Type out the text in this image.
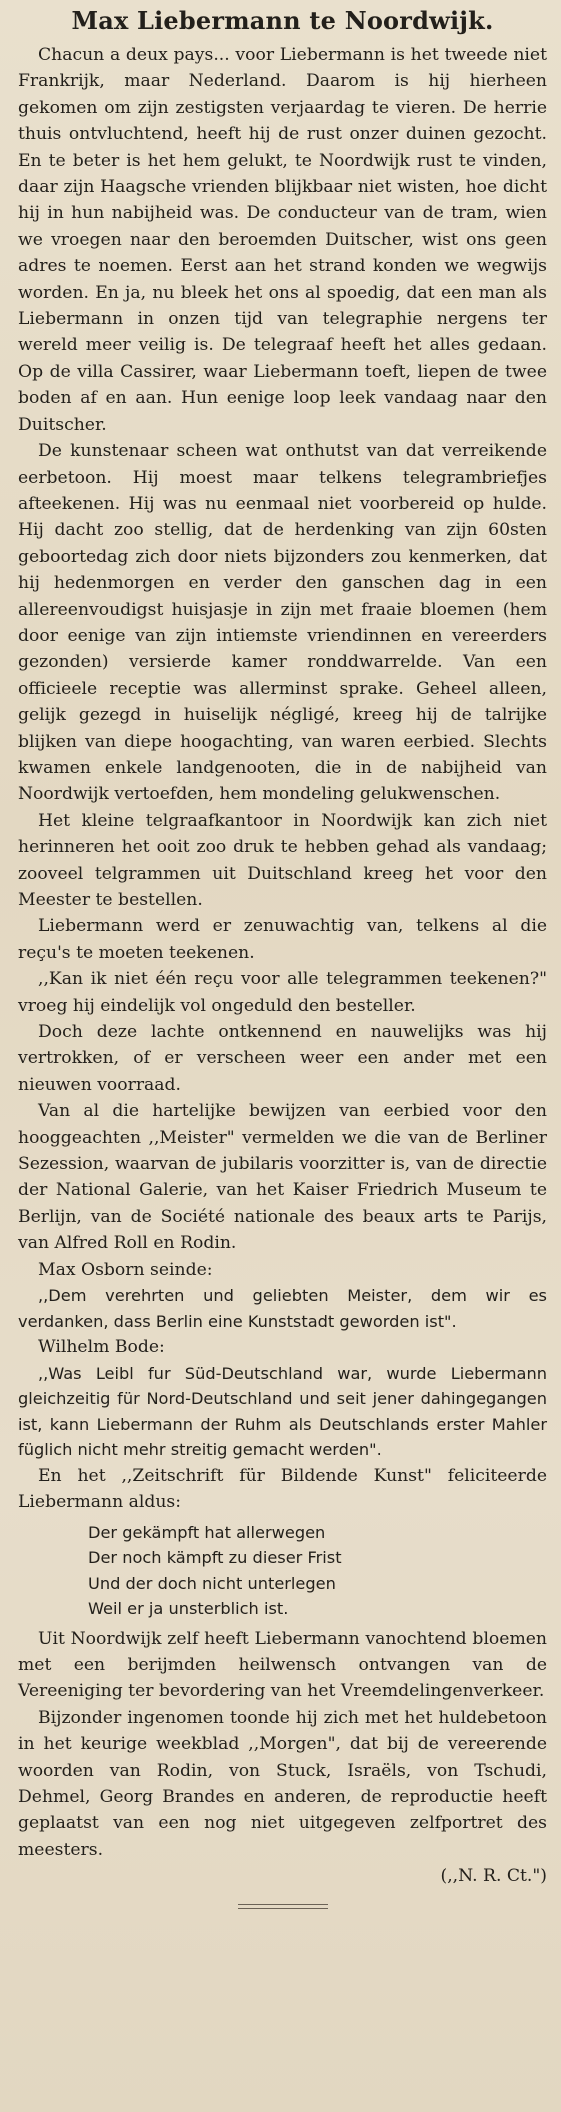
Max Liebermann te Noordwijk.

Chacun a deux pays... voor Liebermann is het tweede niet Frankrijk, maar Nederland. Daarom is hij hierheen gekomen om zijn zestigsten verjaardag te vieren. De herrie thuis ontvluchtend, heeft hij de rust onzer duinen gezocht. En te beter is het hem gelukt, te Noordwijk rust te vinden, daar zijn Haagsche vrienden blijkbaar niet wisten, hoe dicht hij in hun nabijheid was. De conducteur van de tram, wien we vroegen naar den beroemden Duitscher, wist ons geen adres te noemen. Eerst aan het strand konden we wegwijs worden. En ja, nu bleek het ons al spoedig, dat een man als Liebermann in onzen tijd van telegraphie nergens ter wereld meer veilig is. De telegraaf heeft het alles gedaan. Op de villa Cassirer, waar Liebermann toeft, liepen de twee boden af en aan. Hun eenige loop leek vandaag naar den Duitscher.

De kunstenaar scheen wat onthutst van dat verreikende eerbetoon. Hij moest maar telkens telegrambriefjes afteekenen. Hij was nu eenmaal niet voorbereid op hulde. Hij dacht zoo stellig, dat de herdenking van zijn 60sten geboortedag zich door niets bijzonders zou kenmerken, dat hij hedenmorgen en verder den ganschen dag in een allereenvoudigst huisjasje in zijn met fraaie bloemen (hem door eenige van zijn intiemste vriendinnen en vereerders gezonden) versierde kamer ronddwarrelde. Van een officieele receptie was allerminst sprake. Geheel alleen, gelijk gezegd in huiselijk négligé, kreeg hij de talrijke blijken van diepe hoogachting, van waren eerbied. Slechts kwamen enkele landgenooten, die in de nabijheid van Noordwijk vertoefden, hem mondeling gelukwenschen.

Het kleine telgraafkantoor in Noordwijk kan zich niet herinneren het ooit zoo druk te hebben gehad als vandaag; zooveel telgrammen uit Duitschland kreeg het voor den Meester te bestellen.

Liebermann werd er zenuwachtig van, telkens al die reçu's te moeten teekenen.

,,Kan ik niet één reçu voor alle telegrammen teekenen?" vroeg hij eindelijk vol ongeduld den besteller.

Doch deze lachte ontkennend en nauwelijks was hij vertrokken, of er verscheen weer een ander met een nieuwen voorraad.

Van al die hartelijke bewijzen van eerbied voor den hooggeachten ,,Meister" vermelden we die van de Berliner Sezession, waarvan de jubilaris voorzitter is, van de directie der National Galerie, van het Kaiser Friedrich Museum te Berlijn, van de Société nationale des beaux arts te Parijs, van Alfred Roll en Rodin.

Max Osborn seinde:

,,Dem verehrten und geliebten Meister, dem wir es verdanken, dass Berlin eine Kunststadt geworden ist".

Wilhelm Bode:

,,Was Leibl fur Süd-Deutschland war, wurde Liebermann gleichzeitig für Nord-Deutschland und seit jener dahingegangen ist, kann Liebermann der Ruhm als Deutschlands erster Mahler füglich nicht mehr streitig gemacht werden".

En het ,,Zeitschrift für Bildende Kunst" feliciteerde Liebermann aldus:

Der gekämpft hat allerwegen
Der noch kämpft zu dieser Frist
Und der doch nicht unterlegen
Weil er ja unsterblich ist.

Uit Noordwijk zelf heeft Liebermann vanochtend bloemen met een berijmden heilwensch ontvangen van de Vereeniging ter bevordering van het Vreemdelingenverkeer.

Bijzonder ingenomen toonde hij zich met het huldebetoon in het keurige weekblad ,,Morgen", dat bij de vereerende woorden van Rodin, von Stuck, Israëls, von Tschudi, Dehmel, Georg Brandes en anderen, de reproductie heeft geplaatst van een nog niet uitgegeven zelfportret des meesters.

(,,N. R. Ct.")
